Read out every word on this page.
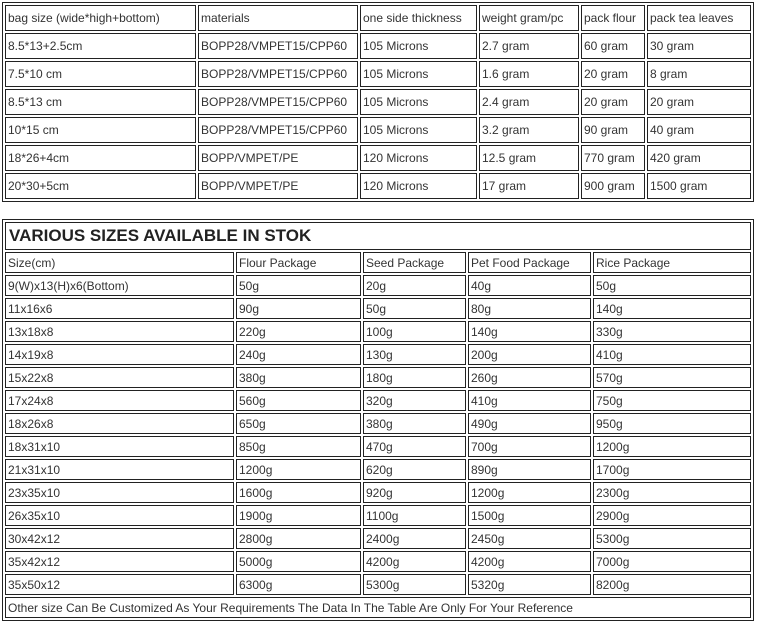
bag size (wide*high+bottom)	materials	one side thickness	weight gram/pc	pack flour	pack tea leaves
8.5*13+2.5cm	BOPP28/VMPET15/CPP60	105 Microns	2.7 gram	60 gram	30 gram
7.5*10 cm	BOPP28/VMPET15/CPP60	105 Microns	1.6 gram	20 gram	8 gram
8.5*13 cm	BOPP28/VMPET15/CPP60	105 Microns	2.4 gram	20 gram	20 gram
10*15 cm	BOPP28/VMPET15/CPP60	105 Microns	3.2 gram	90 gram	40 gram
18*26+4cm	BOPP/VMPET/PE	120 Microns	12.5 gram	770 gram	420 gram
20*30+5cm	BOPP/VMPET/PE	120 Microns	17 gram	900 gram	1500 gram
VARIOUS SIZES AVAILABLE IN STOK				
Size(cm)	Flour Package	Seed Package	Pet Food Package	Rice Package
9(W)x13(H)x6(Bottom)	50g	20g	40g	50g
11x16x6	90g	50g	80g	140g
13x18x8	220g	100g	140g	330g
14x19x8	240g	130g	200g	410g
15x22x8	380g	180g	260g	570g
17x24x8	560g	320g	410g	750g
18x26x8	650g	380g	490g	950g
18x31x10	850g	470g	700g	1200g
21x31x10	1200g	620g	890g	1700g
23x35x10	1600g	920g	1200g	2300g
26x35x10	1900g	1100g	1500g	2900g
30x42x12	2800g	2400g	2450g	5300g
35x42x12	5000g	4200g	4200g	7000g
35x50x12	6300g	5300g	5320g	8200g
Other size Can Be Customized As Your Requirements The Data In The Table Are Only For Your Reference				
